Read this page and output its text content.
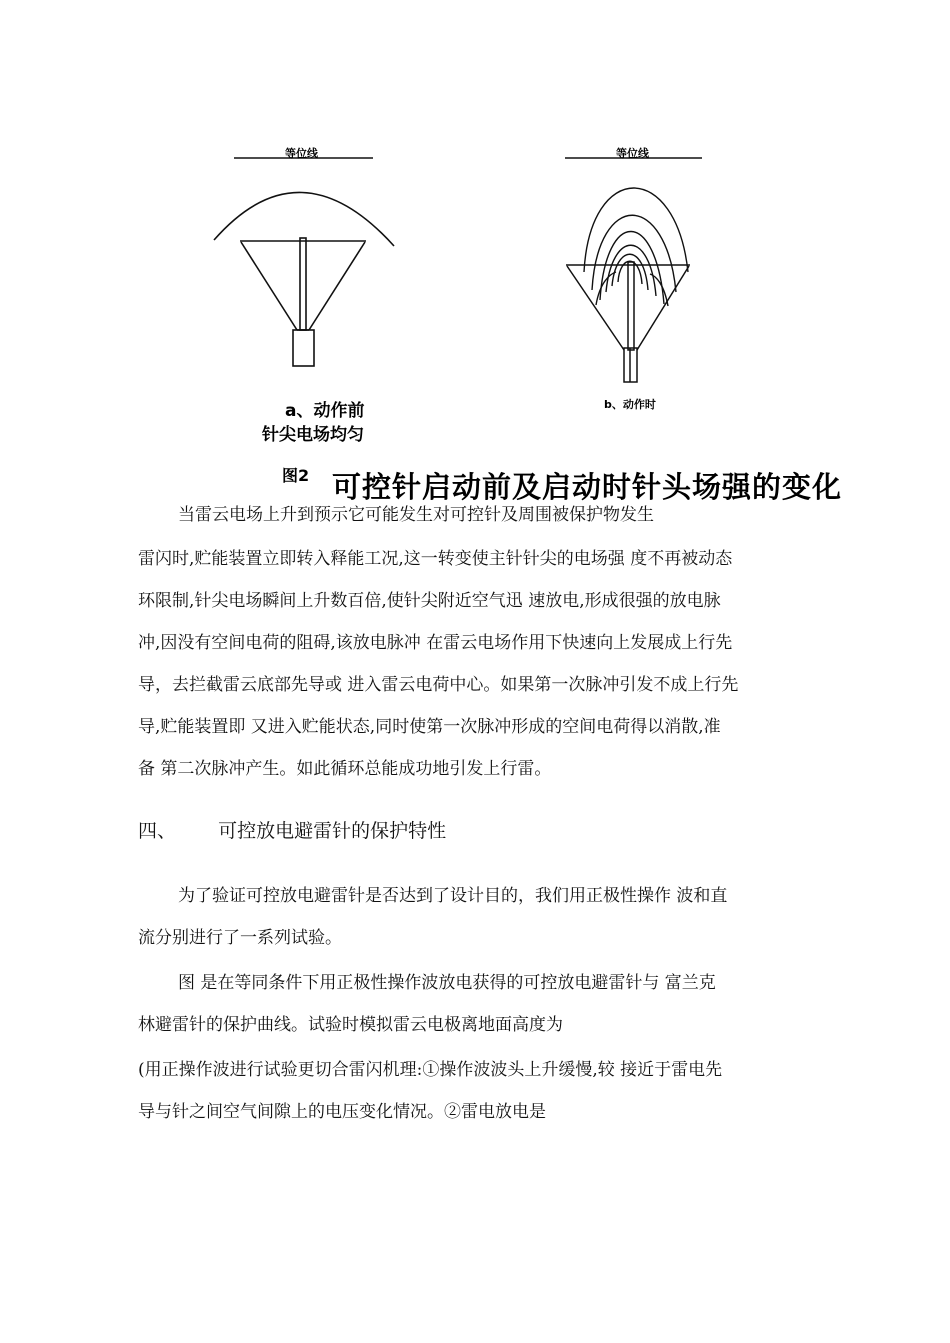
等位线	等位线
a、动作前
针尖电场均匀
b、动作时
图2 可控针启动前及启动时针头场强的变化
当雷云电场上升到预示它可能发生对可控针及周围被保护物发生
雷闪时,贮能装置立即转入释能工况,这一转变使主针针尖的电场强 度不再被动态
环限制,针尖电场瞬间上升数百倍,使针尖附近空气迅 速放电,形成很强的放电脉
冲,因没有空间电荷的阻碍,该放电脉冲 在雷云电场作用下快速向上发展成上行先
导，去拦截雷云底部先导或 进入雷云电荷中心。如果第一次脉冲引发不成上行先
导,贮能装置即 又进入贮能状态,同时使第一次脉冲形成的空间电荷得以消散,准
备 第二次脉冲产生。如此循环总能成功地引发上行雷。
四、 可控放电避雷针的保护特性
为了验证可控放电避雷针是否达到了设计目的，我们用正极性操作 波和直
流分别进行了一系列试验。
图 是在等同条件下用正极性操作波放电获得的可控放电避雷针与 富兰克
林避雷针的保护曲线。试验时模拟雷云电极离地面高度为
(用正操作波进行试验更切合雷闪机理:①操作波波头上升缓慢,较 接近于雷电先
导与针之间空气间隙上的电压变化情况。②雷电放电是
